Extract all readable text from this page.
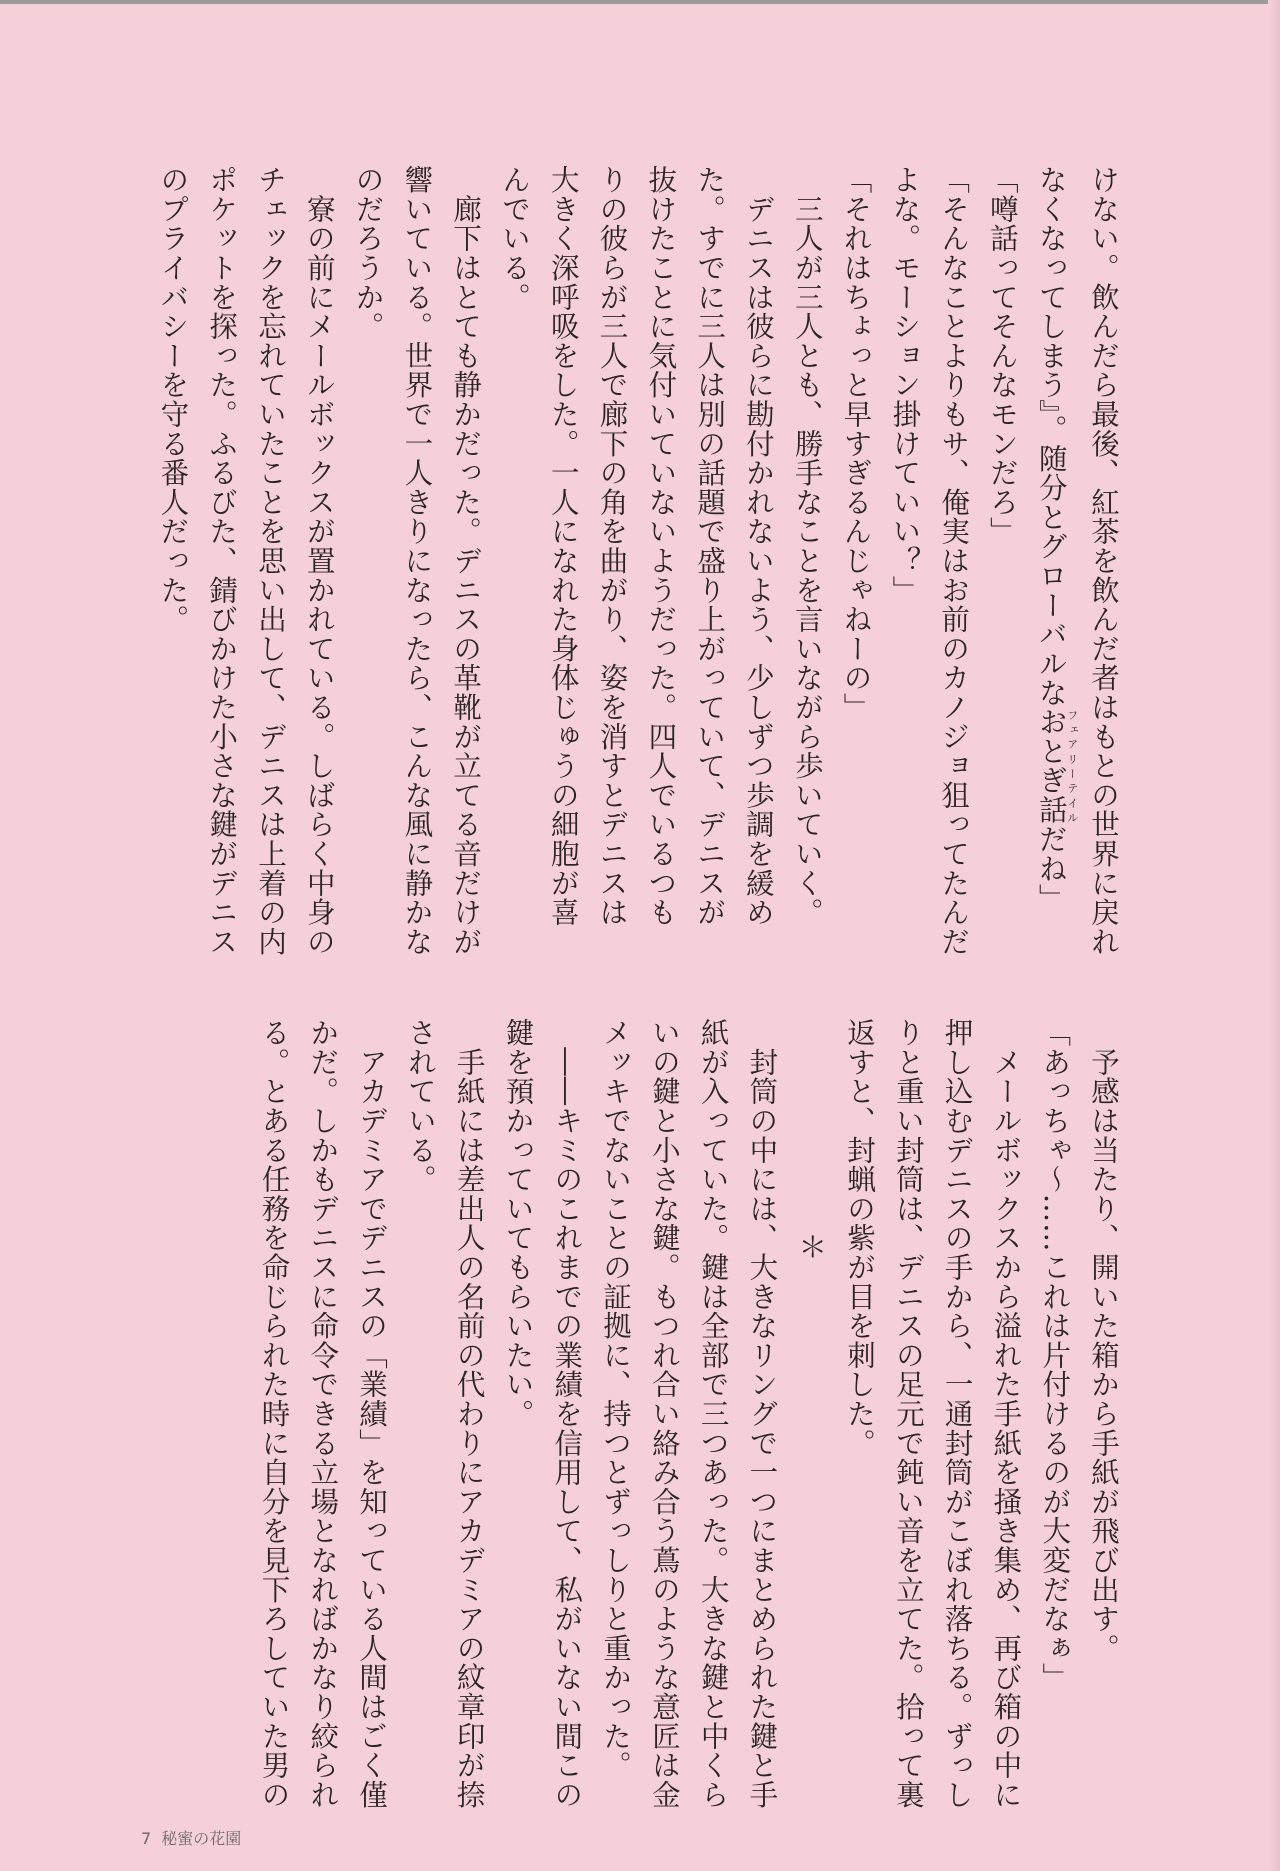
けない。飲んだら最後、紅茶を飲んだ者はもとの世界に戻れ
なくなってしまう』。随分とグローバルなおとぎ話フェアリーテイルだね」
「噂話ってそんなモンだろ」
「そんなことよりもサ、俺実はお前のカノジョ狙ってたんだ
よな。モーション掛けていい？」
「それはちょっと早すぎるんじゃねーの」
　三人が三人とも、勝手なことを言いながら歩いていく。
　デニスは彼らに勘付かれないよう、少しずつ歩調を緩め
た。すでに三人は別の話題で盛り上がっていて、デニスが
抜けたことに気付いていないようだった。四人でいるつも
りの彼らが三人で廊下の角を曲がり、姿を消すとデニスは
大きく深呼吸をした。一人になれた身体じゅうの細胞が喜
んでいる。
　廊下はとても静かだった。デニスの革靴が立てる音だけが
響いている。世界で一人きりになったら、こんな風に静かな
のだろうか。
　寮の前にメールボックスが置かれている。しばらく中身の
チェックを忘れていたことを思い出して、デニスは上着の内
ポケットを探った。ふるびた、錆びかけた小さな鍵がデニス
のプライバシーを守る番人だった。
　予感は当たり、開いた箱から手紙が飛び出す。
「あっちゃ～……これは片付けるのが大変だなぁ」
　メールボックスから溢れた手紙を掻き集め、再び箱の中に
押し込むデニスの手から、一通封筒がこぼれ落ちる。ずっし
りと重い封筒は、デニスの足元で鈍い音を立てた。拾って裏
返すと、封蝋の紫が目を刺した。
＊
　封筒の中には、大きなリングで一つにまとめられた鍵と手
紙が入っていた。鍵は全部で三つあった。大きな鍵と中くら
いの鍵と小さな鍵。もつれ合い絡み合う蔦のような意匠は金
メッキでないことの証拠に、持つとずっしりと重かった。
　――キミのこれまでの業績を信用して、私がいない間この
鍵を預かっていてもらいたい。
　手紙には差出人の名前の代わりにアカデミアの紋章印が捺
されている。
　アカデミアでデニスの「業績」を知っている人間はごく僅
かだ。しかもデニスに命令できる立場となればかなり絞られ
る。とある任務を命じられた時に自分を見下ろしていた男の
7 秘蜜の花園
